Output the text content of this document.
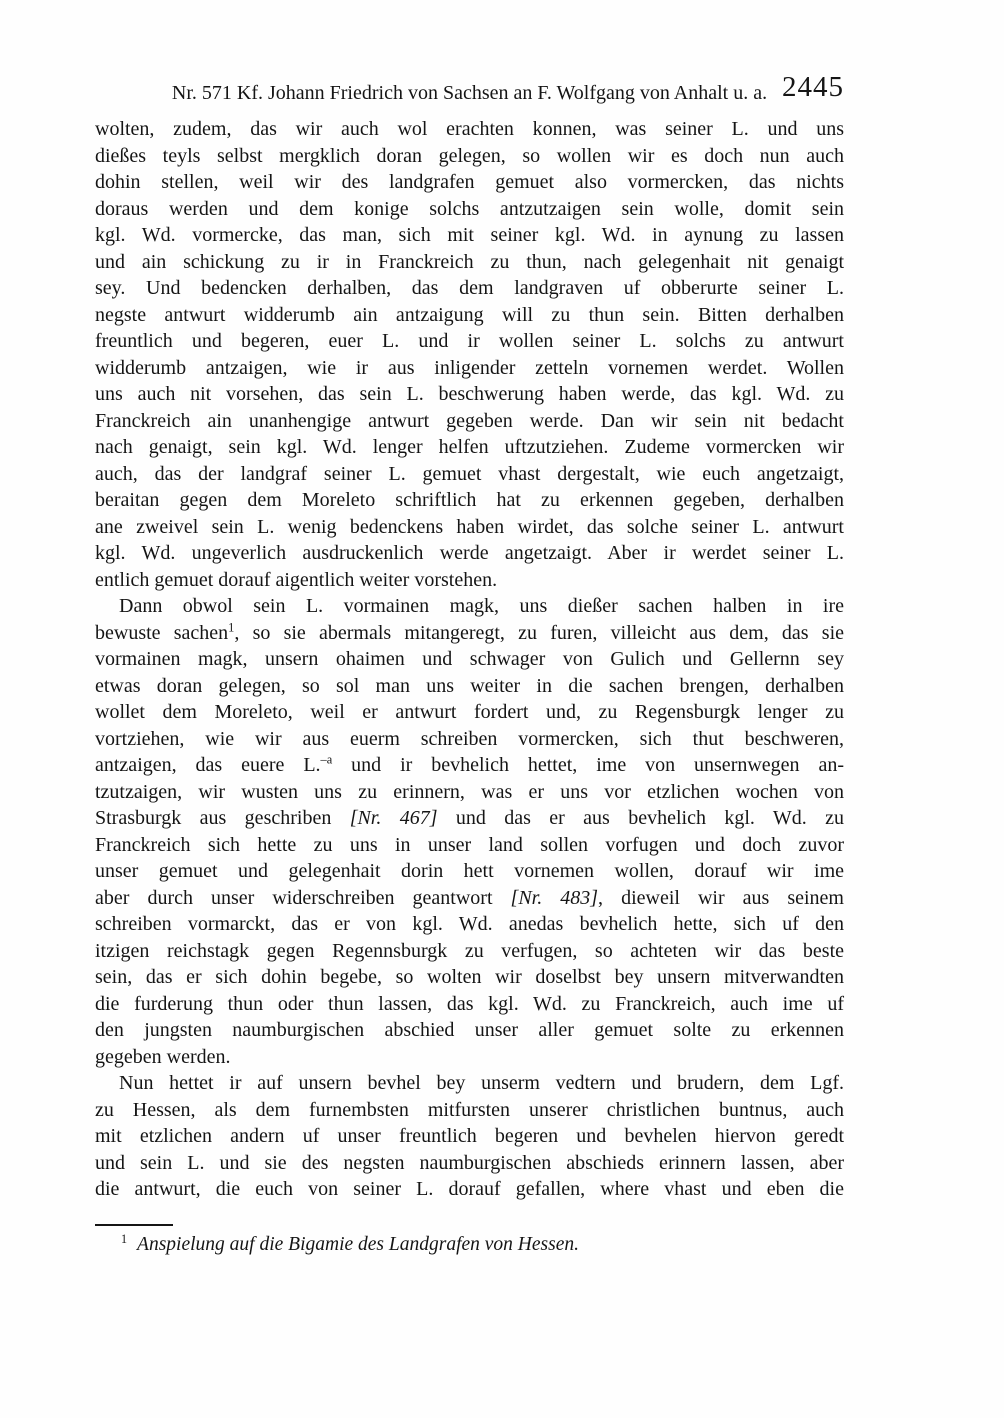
Nr. 571 Kf. Johann Friedrich von Sachsen an F. Wolfgang von Anhalt u. a. 2445
wolten, zudem, das wir auch wol erachten konnen, was seiner L. und uns
dießes teyls selbst mergklich doran gelegen, so wollen wir es doch nun auch
dohin stellen, weil wir des landgrafen gemuet also vormercken, das nichts
doraus werden und dem konige solchs antzutzaigen sein wolle, domit sein
kgl. Wd. vormercke, das man, sich mit seiner kgl. Wd. in aynung zu lassen
und ain schickung zu ir in Franckreich zu thun, nach gelegenhait nit genaigt
sey. Und bedencken derhalben, das dem landgraven uf obberurte seiner L.
negste antwurt widderumb ain antzaigung will zu thun sein. Bitten derhalben
freuntlich und begeren, euer L. und ir wollen seiner L. solchs zu antwurt
widderumb antzaigen, wie ir aus inligender zetteln vornemen werdet. Wollen
uns auch nit vorsehen, das sein L. beschwerung haben werde, das kgl. Wd. zu
Franckreich ain unanhengige antwurt gegeben werde. Dan wir sein nit bedacht
nach genaigt, sein kgl. Wd. lenger helfen uftzutziehen. Zudeme vormercken wir
auch, das der landgraf seiner L. gemuet vhast dergestalt, wie euch angetzaigt,
beraitan gegen dem Moreleto schriftlich hat zu erkennen gegeben, derhalben
ane zweivel sein L. wenig bedenckens haben wirdet, das solche seiner L. antwurt
kgl. Wd. ungeverlich ausdruckenlich werde angetzaigt. Aber ir werdet seiner L.
entlich gemuet dorauf aigentlich weiter vorstehen.
Dann obwol sein L. vormainen magk, uns dießer sachen halben in ire
bewuste sachen$^1$, so sie abermals mitangeregt, zu furen, villeicht aus dem, das sie
vormainen magk, unsern ohaimen und schwager von Gulich und Gellernn sey
etwas doran gelegen, so sol man uns weiter in die sachen brengen, derhalben
wollet dem Moreleto, weil er antwurt fordert und, zu Regensburgk lenger zu
vortziehen, wie wir aus euerm schreiben vormercken, sich thut beschweren,
antzaigen, das euere L.$^{-a}$ und ir bevhelich hettet, ime von unsernwegen an-
tzutzaigen, wir wusten uns zu erinnern, was er uns vor etzlichen wochen von
Strasburgk aus geschriben [Nr. 467] und das er aus bevhelich kgl. Wd. zu
Franckreich sich hette zu uns in unser land sollen vorfugen und doch zuvor
unser gemuet und gelegenhait dorin hett vornemen wollen, dorauf wir ime
aber durch unser widerschreiben geantwort [Nr. 483], dieweil wir aus seinem
schreiben vormarckt, das er von kgl. Wd. anedas bevhelich hette, sich uf den
itzigen reichstagk gegen Regennsburgk zu verfugen, so achteten wir das beste
sein, das er sich dohin begebe, so wolten wir doselbst bey unsern mitverwandten
die furderung thun oder thun lassen, das kgl. Wd. zu Franckreich, auch ime uf
den jungsten naumburgischen abschied unser aller gemuet solte zu erkennen
gegeben werden.
Nun hettet ir auf unsern bevhel bey unserm vedtern und brudern, dem Lgf.
zu Hessen, als dem furnembsten mitfursten unserer christlichen buntnus, auch
mit etzlichen andern uf unser freuntlich begeren und bevhelen hiervon geredt
und sein L. und sie des negsten naumburgischen abschieds erinnern lassen, aber
die antwurt, die euch von seiner L. dorauf gefallen, where vhast und eben die
$^1$ Anspielung auf die Bigamie des Landgrafen von Hessen.
